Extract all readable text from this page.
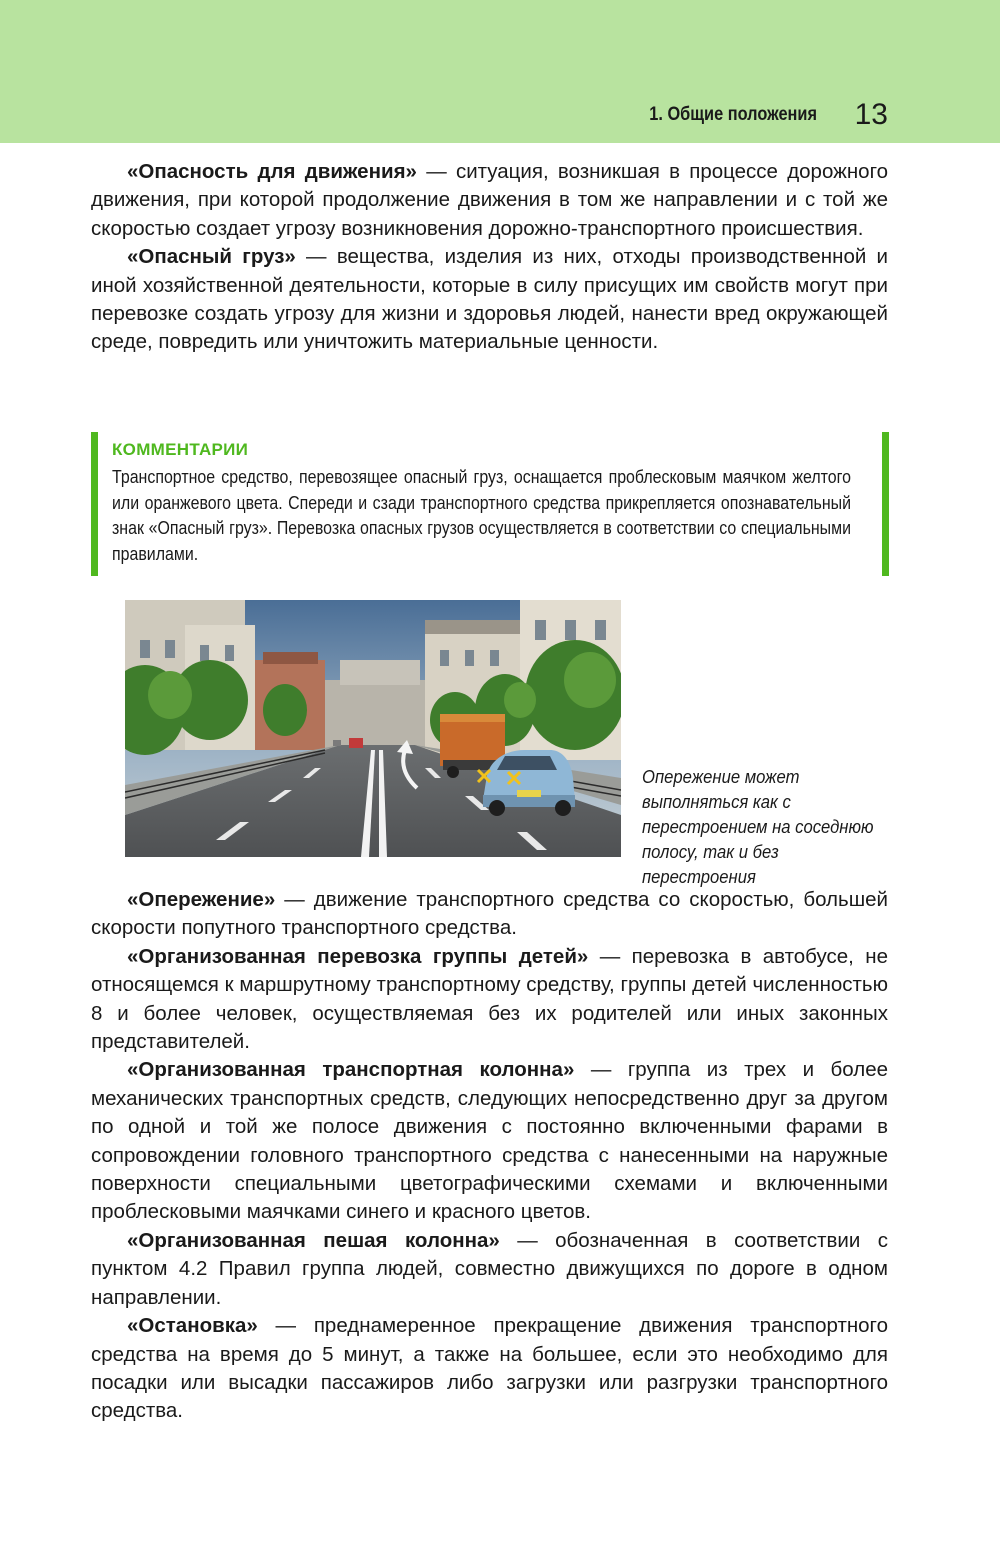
1. Общие положения 13

«Опасность для движения» — ситуация, возникшая в процессе дорожного движения, при которой продолжение движения в том же направлении и с той же скоростью создает угрозу возникновения дорожно-транспортного происшествия.

«Опасный груз» — вещества, изделия из них, отходы производственной и иной хозяйственной деятельности, которые в силу присущих им свойств могут при перевозке создать угрозу для жизни и здоровья людей, нанести вред окружающей среде, повредить или уничтожить материальные ценности.

КОММЕНТАРИИ
Транспортное средство, перевозящее опасный груз, оснащается проблесковым маячком желтого или оранжевого цвета. Спереди и сзади транспортного средства прикрепляется опознавательный знак «Опасный груз». Перевозка опасных грузов осуществляется в соответствии со специальными правилами.
Опережение может выполняться как с перестроением на соседнюю полосу, так и без перестроения

«Опережение» — движение транспортного средства со скоростью, большей скорости попутного транспортного средства.

«Организованная перевозка группы детей» — перевозка в автобусе, не относящемся к маршрутному транспортному средству, группы детей численностью 8 и более человек, осуществляемая без их родителей или иных законных представителей.

«Организованная транспортная колонна» — группа из трех и более механических транспортных средств, следующих непосредственно друг за другом по одной и той же полосе движения с постоянно включенными фарами в сопровождении головного транспортного средства с нанесенными на наружные поверхности специальными цветографическими схемами и включенными проблесковыми маячками синего и красного цветов.

«Организованная пешая колонна» — обозначенная в соответствии с пунктом 4.2 Правил группа людей, совместно движущихся по дороге в одном направлении.

«Остановка» — преднамеренное прекращение движения транспортного средства на время до 5 минут, а также на большее, если это необходимо для посадки или высадки пассажиров либо загрузки или разгрузки транспортного средства.
